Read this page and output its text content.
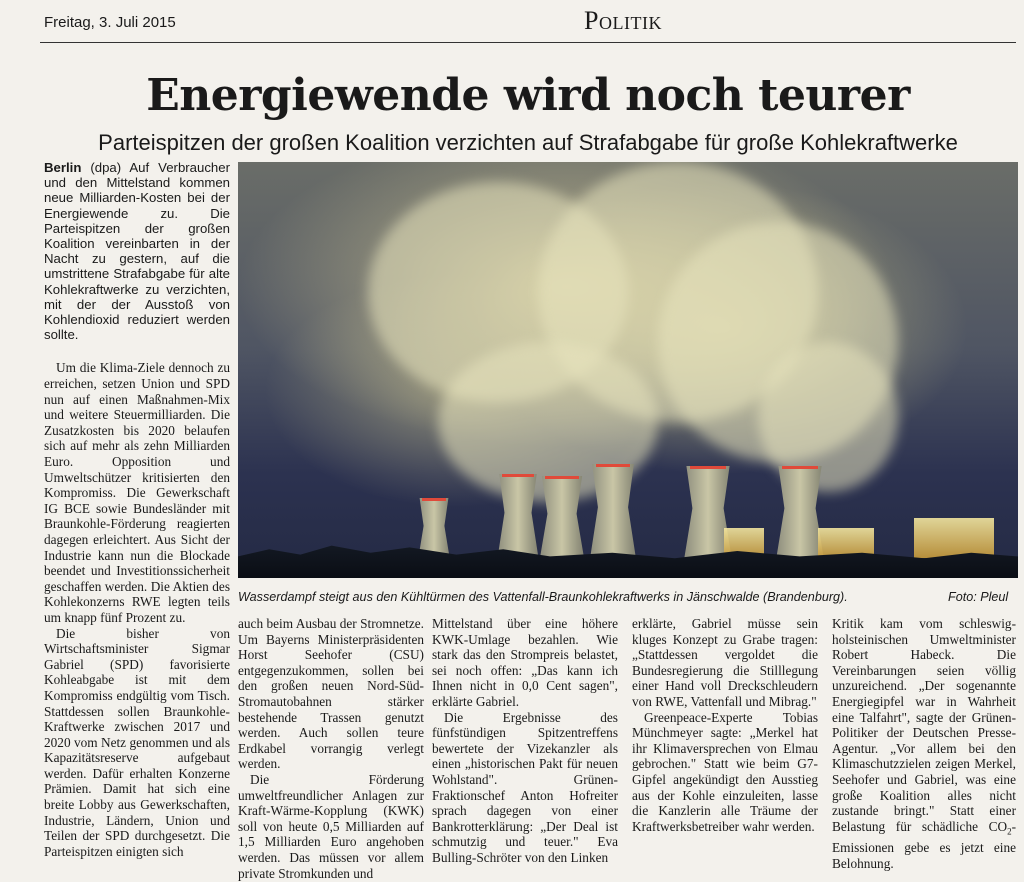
Freitag, 3. Juli 2015	Politik
Energiewende wird noch teurer
Parteispitzen der großen Koalition verzichten auf Strafabgabe für große Kohlekraftwerke

Berlin (dpa) Auf Verbraucher und den Mittelstand kommen neue Milliarden-Kosten bei der Energiewende zu. Die Parteispitzen der großen Koalition vereinbarten in der Nacht zu gestern, auf die umstrittene Strafabgabe für alte Kohlekraftwerke zu verzichten, mit der der Ausstoß von Kohlendioxid reduziert werden sollte.

Um die Klima-Ziele dennoch zu erreichen, setzen Union und SPD nun auf einen Maßnahmen-Mix und weitere Steuermilliarden. Die Zusatzkosten bis 2020 belaufen sich auf mehr als zehn Milliarden Euro. Opposition und Umweltschützer kritisierten den Kompromiss. Die Gewerkschaft IG BCE sowie Bundesländer mit Braunkohle-Förderung reagierten dagegen erleichtert. Aus Sicht der Industrie kann nun die Blockade beendet und Investitionssicherheit geschaffen werden. Die Aktien des Kohlekonzerns RWE legten teils um knapp fünf Prozent zu.

Die bisher von Wirtschaftsminister Sigmar Gabriel (SPD) favorisierte Kohleabgabe ist mit dem Kompromiss endgültig vom Tisch. Stattdessen sollen Braunkohle-Kraftwerke zwischen 2017 und 2020 vom Netz genommen und als Kapazitätsreserve aufgebaut werden. Dafür erhalten Konzerne Prämien. Damit hat sich eine breite Lobby aus Gewerkschaften, Industrie, Ländern, Union und Teilen der SPD durchgesetzt. Die Parteispitzen einigten sich

Wasserdampf steigt aus den Kühltürmen des Vattenfall-Braunkohlekraftwerks in Jänschwalde (Brandenburg).	Foto: Pleul

auch beim Ausbau der Stromnetze. Um Bayerns Ministerpräsidenten Horst Seehofer (CSU) entgegenzukommen, sollen bei den großen neuen Nord-Süd-Stromautobahnen stärker bestehende Trassen genutzt werden. Auch sollen teure Erdkabel vorrangig verlegt werden.

Die Förderung umweltfreundlicher Anlagen zur Kraft-Wärme-Kopplung (KWK) soll von heute 0,5 Milliarden auf 1,5 Milliarden Euro angehoben werden. Das müssen vor allem private Stromkunden und

Mittelstand über eine höhere KWK-Umlage bezahlen. Wie stark das den Strompreis belastet, sei noch offen: „Das kann ich Ihnen nicht in 0,0 Cent sagen", erklärte Gabriel.

Die Ergebnisse des fünfstündigen Spitzentreffens bewertete der Vizekanzler als einen „historischen Pakt für neuen Wohlstand". Grünen-Fraktionschef Anton Hofreiter sprach dagegen von einer Bankrotterklärung: „Der Deal ist schmutzig und teuer." Eva Bulling-Schröter von den Linken

erklärte, Gabriel müsse sein kluges Konzept zu Grabe tragen: „Stattdessen vergoldet die Bundesregierung die Stilllegung einer Hand voll Dreckschleudern von RWE, Vattenfall und Mibrag."

Greenpeace-Experte Tobias Münchmeyer sagte: „Merkel hat ihr Klimaversprechen von Elmau gebrochen." Statt wie beim G7-Gipfel angekündigt den Ausstieg aus der Kohle einzuleiten, lasse die Kanzlerin alle Träume der Kraftwerksbetreiber wahr werden.

Kritik kam vom schleswig-holsteinischen Umweltminister Robert Habeck. Die Vereinbarungen seien völlig unzureichend. „Der sogenannte Energiegipfel war in Wahrheit eine Talfahrt", sagte der Grünen-Politiker der Deutschen Presse-Agentur. „Vor allem bei den Klimaschutzzielen zeigen Merkel, Seehofer und Gabriel, was eine große Koalition alles nicht zustande bringt." Statt einer Belastung für schädliche $CO_2$-Emissionen gebe es jetzt eine Belohnung.
